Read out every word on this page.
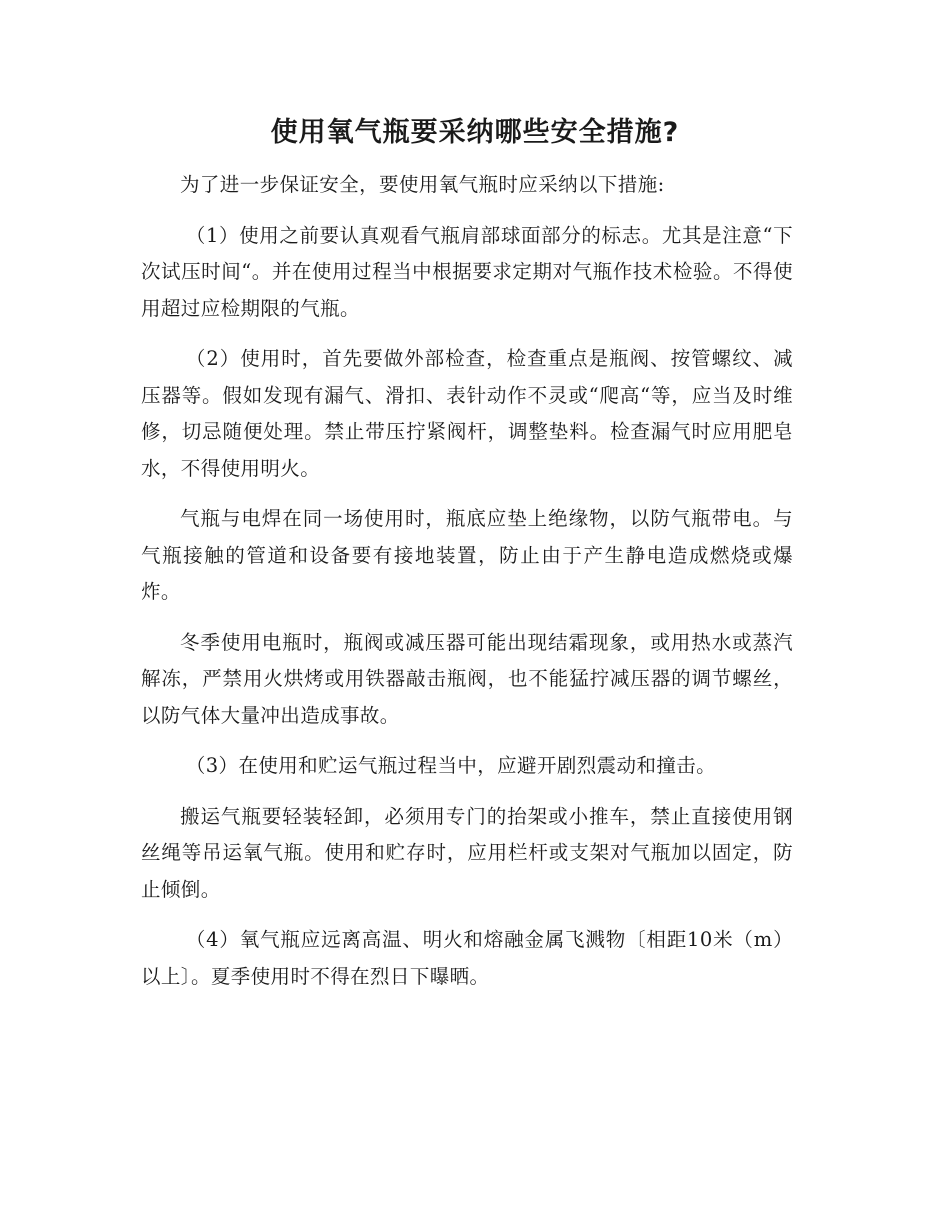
使用氧气瓶要采纳哪些安全措施?

为了进一步保证安全，要使用氧气瓶时应采纳以下措施:

（1）使用之前要认真观看气瓶肩部球面部分的标志。尤其是注意“下次试压时间“。并在使用过程当中根据要求定期对气瓶作技术检验。不得使用超过应检期限的气瓶。

（2）使用时，首先要做外部检查，检查重点是瓶阀、按管螺纹、减压器等。假如发现有漏气、滑扣、表针动作不灵或“爬高“等，应当及时维修，切忌随便处理。禁止带压拧紧阀杆，调整垫料。检查漏气时应用肥皂水，不得使用明火。

气瓶与电焊在同一场使用时，瓶底应垫上绝缘物，以防气瓶带电。与气瓶接触的管道和设备要有接地装置，防止由于产生静电造成燃烧或爆炸。

冬季使用电瓶时，瓶阀或减压器可能出现结霜现象，或用热水或蒸汽解冻，严禁用火烘烤或用铁器敲击瓶阀，也不能猛拧减压器的调节螺丝，以防气体大量冲出造成事故。

（3）在使用和贮运气瓶过程当中，应避开剧烈震动和撞击。

搬运气瓶要轻装轻卸，必须用专门的抬架或小推车，禁止直接使用钢丝绳等吊运氧气瓶。使用和贮存时，应用栏杆或支架对气瓶加以固定，防止倾倒。

（4）氧气瓶应远离高温、明火和熔融金属飞溅物〔相距10米（m）以上〕。夏季使用时不得在烈日下曝晒。
